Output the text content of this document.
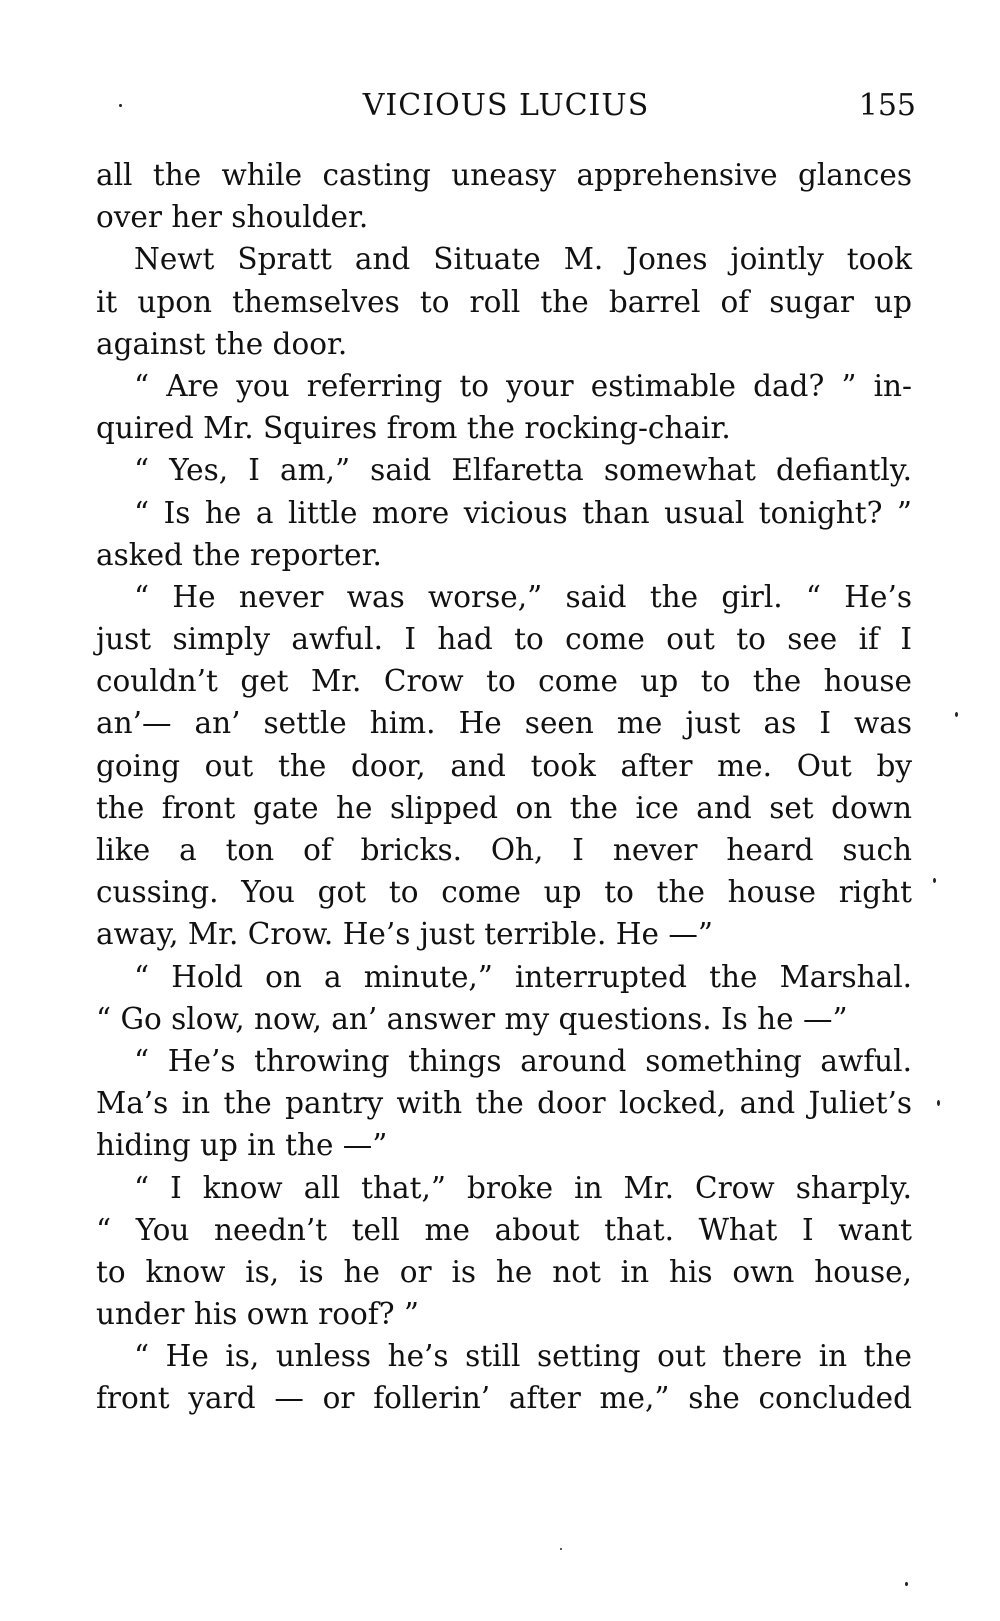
VICIOUS LUCIUS	155
all the while casting uneasy apprehensive glances
over her shoulder.
Newt Spratt and Situate M. Jones jointly took
it upon themselves to roll the barrel of sugar up
against the door.
“ Are you referring to your estimable dad? ” in-
quired Mr. Squires from the rocking-chair.
“ Yes, I am,” said Elfaretta somewhat defiantly.
“ Is he a little more vicious than usual tonight? ”
asked the reporter.
“ He never was worse,” said the girl. “ He’s
just simply awful. I had to come out to see if I
couldn’t get Mr. Crow to come up to the house
an’— an’ settle him. He seen me just as I was
going out the door, and took after me. Out by
the front gate he slipped on the ice and set down
like a ton of bricks. Oh, I never heard such
cussing. You got to come up to the house right
away, Mr. Crow. He’s just terrible. He —”
“ Hold on a minute,” interrupted the Marshal.
“ Go slow, now, an’ answer my questions. Is he —”
“ He’s throwing things around something awful.
Ma’s in the pantry with the door locked, and Juliet’s
hiding up in the —”
“ I know all that,” broke in Mr. Crow sharply.
“ You needn’t tell me about that. What I want
to know is, is he or is he not in his own house,
under his own roof? ”
“ He is, unless he’s still setting out there in the
front yard — or follerin’ after me,” she concluded
